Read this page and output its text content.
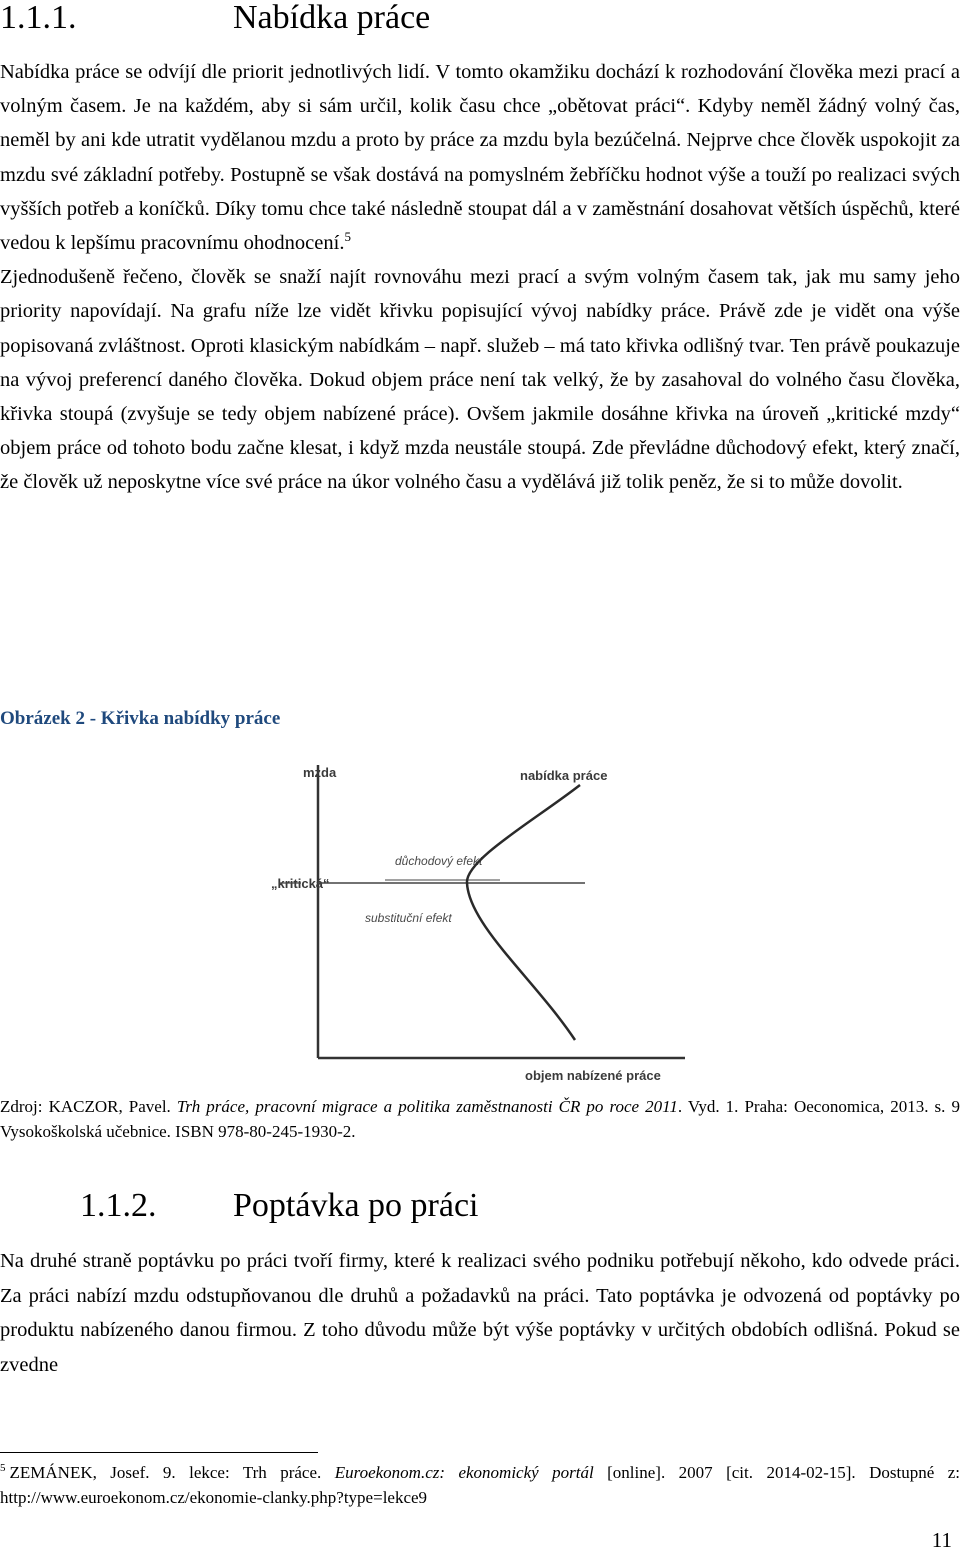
1.1.1.	Nabídka práce

Nabídka práce se odvíjí dle priorit jednotlivých lidí. V tomto okamžiku dochází k rozhodování člověka mezi prací a volným časem. Je na každém, aby si sám určil, kolik času chce „obětovat práci“. Kdyby neměl žádný volný čas, neměl by ani kde utratit vydělanou mzdu a proto by práce za mzdu byla bezúčelná. Nejprve chce člověk uspokojit za mzdu své základní potřeby. Postupně se však dostává na pomyslném žebříčku hodnot výše a touží po realizaci svých vyšších potřeb a koníčků. Díky tomu chce také následně stoupat dál a v zaměstnání dosahovat větších úspěchů, které vedou k lepšímu pracovnímu ohodnocení.$^5$
Zjednodušeně řečeno, člověk se snaží najít rovnováhu mezi prací a svým volným časem tak, jak mu samy jeho priority napovídají. Na grafu níže lze vidět křivku popisující vývoj nabídky práce. Právě zde je vidět ona výše popisovaná zvláštnost. Oproti klasickým nabídkám – např. služeb – má tato křivka odlišný tvar. Ten právě poukazuje na vývoj preferencí daného člověka. Dokud objem práce není tak velký, že by zasahoval do volného času člověka, křivka stoupá (zvyšuje se tedy objem nabízené práce). Ovšem jakmile dosáhne křivka na úroveň „kritické mzdy“ objem práce od tohoto bodu začne klesat, i když mzda neustále stoupá. Zde převládne důchodový efekt, který značí, že člověk už neposkytne více své práce na úkor volného času a vydělává již tolik peněz, že si to může dovolit.

Obrázek 2 - Křivka nabídky práce
mzda
objem nabízené práce
nabídka práce
důchodový efekt
substituční efekt
„kritická“

Zdroj: KACZOR, Pavel. Trh práce, pracovní migrace a politika zaměstnanosti ČR po roce 2011. Vyd. 1. Praha: Oeconomica, 2013. s. 9 Vysokoškolská učebnice. ISBN 978-80-245-1930-2.

1.1.2. Poptávka po práci

Na druhé straně poptávku po práci tvoří firmy, které k realizaci svého podniku potřebují někoho, kdo odvede práci. Za práci nabízí mzdu odstupňovanou dle druhů a požadavků na práci. Tato poptávka je odvozená od poptávky po produktu nabízeného danou firmou. Z toho důvodu může být výše poptávky v určitých obdobích odlišná. Pokud se zvedne

$^5$ ZEMÁNEK, Josef. 9. lekce: Trh práce. Euroekonom.cz: ekonomický portál [online]. 2007 [cit. 2014-02-15]. Dostupné z: http://www.euroekonom.cz/ekonomie-clanky.php?type=lekce9

11
